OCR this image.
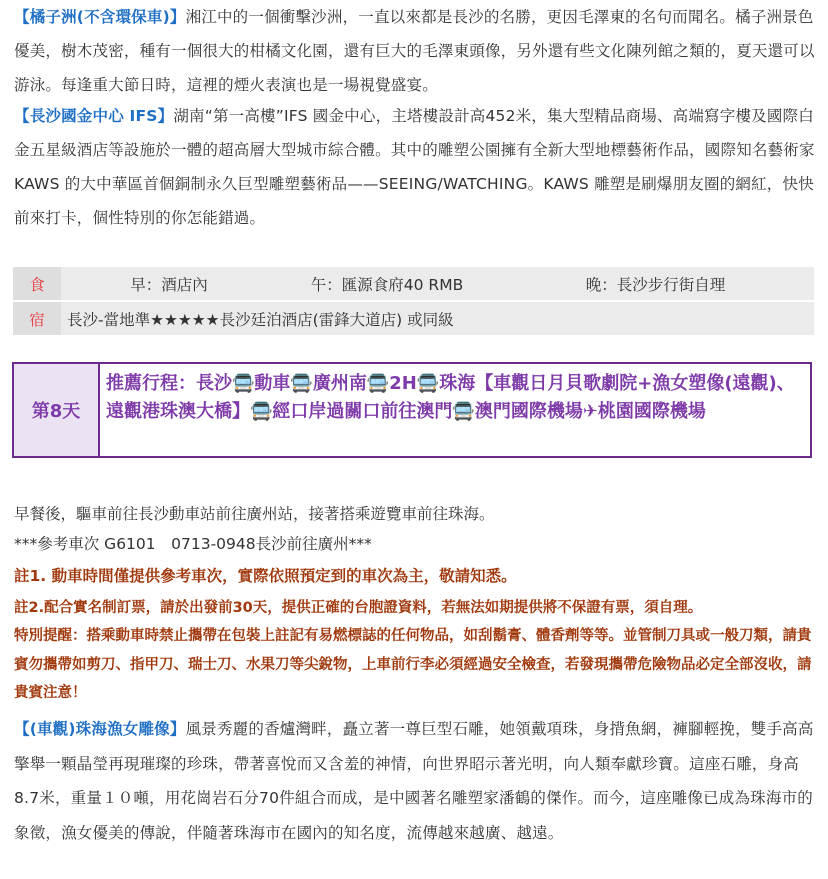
【橘子洲(不含環保車)】湘江中的一個衝擊沙洲，一直以來都是長沙的名勝，更因毛澤東的名句而聞名。橘子洲景色優美，樹木茂密，種有一個很大的柑橘文化園，還有巨大的毛澤東頭像，另外還有些文化陳列館之類的，夏天還可以游泳。每逢重大節日時，這裡的煙火表演也是一場視覺盛宴。

【長沙國金中心 IFS】湖南“第一高樓”IFS 國金中心，主塔樓設計高452米，集大型精品商場、高端寫字樓及國際白金五星級酒店等設施於一體的超高層大型城市綜合體。其中的雕塑公園擁有全新大型地標藝術作品，國際知名藝術家 KAWS 的大中華區首個銅制永久巨型雕塑藝術品——SEEING/WATCHING。KAWS 雕塑是刷爆朋友圈的網紅，快快前來打卡，個性特別的你怎能錯過。

食	早：酒店內	午：匯源食府40 RMB	晚：長沙步行街自理
宿	長沙-當地準★★★★★長沙廷泊酒店(雷鋒大道店) 或同級		
第8天
推薦行程：長沙🚍動車🚍廣州南🚍2H🚍珠海【車觀日月貝歌劇院+漁女塑像(遠觀)、遠觀港珠澳大橋】🚍經口岸過關口前往澳門🚍澳門國際機場✈桃園國際機場

早餐後，驅車前往長沙動車站前往廣州站，接著搭乘遊覽車前往珠海。

***參考車次 G6101　0713-0948長沙前往廣州***

註1. 動車時間僅提供參考車次，實際依照預定到的車次為主，敬請知悉。

註2.配合實名制訂票，請於出發前30天，提供正確的台胞證資料，若無法如期提供將不保證有票，須自理。

特別提醒：搭乘動車時禁止攜帶在包裝上註記有易燃標誌的任何物品，如刮鬍膏、體香劑等等。並管制刀具或一般刀類，請貴賓勿攜帶如剪刀、指甲刀、瑞士刀、水果刀等尖銳物，上車前行李必須經過安全檢查，若發現攜帶危險物品必定全部沒收，請貴賓注意！

【(車觀)珠海漁女雕像】風景秀麗的香爐灣畔，矗立著一尊巨型石雕，她領戴項珠，身揹魚網，褲腳輕挽，雙手高高擎舉一顆晶瑩再現璀璨的珍珠，帶著喜悅而又含羞的神情，向世界昭示著光明，向人類奉獻珍寶。這座石雕，身高8.7米，重量１０噸，用花崗岩石分70件組合而成，是中國著名雕塑家潘鶴的傑作。而今，這座雕像已成為珠海市的象徵，漁女優美的傳說，伴隨著珠海市在國內的知名度，流傳越來越廣、越遠。
